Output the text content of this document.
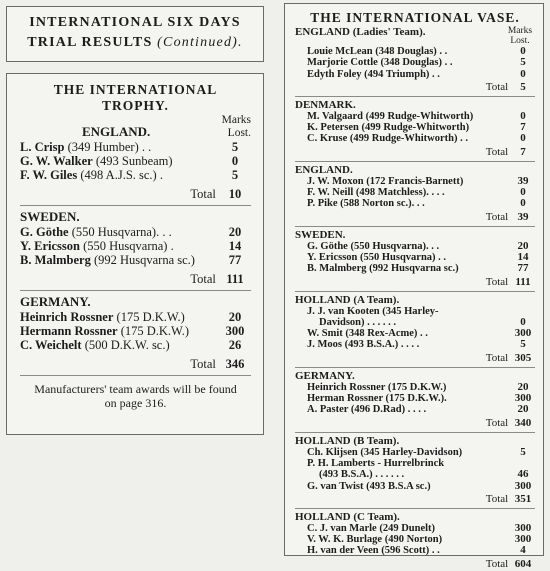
INTERNATIONAL SIX DAYS
TRIAL RESULTS (Continued).
THE INTERNATIONAL TROPHY.
ENGLAND.
Marks
Lost.
L. Crisp (349 Humber) . .	5
G. W. Walker (493 Sunbeam)	0
F. W. Giles (498 A.J.S. sc.) .	5
Total 10
SWEDEN.
G. Göthe (550 Husqvarna). . .	20
Y. Ericsson (550 Husqvarna) .	14
B. Malmberg (992 Husqvarna sc.)	77
Total 111
GERMANY.
Heinrich Rossner (175 D.K.W.)	20
Hermann Rossner (175 D.K.W.)	300
C. Weichelt (500 D.K.W. sc.)	26
Total 346
Manufacturers' team awards will be found
on page 316.
THE INTERNATIONAL VASE.
ENGLAND (Ladies' Team).	Marks
Lost.
Louie McLean (348 Douglas) . .	0
Marjorie Cottle (348 Douglas) . .	5
Edyth Foley (494 Triumph) . .	0
Total 5
DENMARK.
M. Valgaard (499 Rudge-Whitworth)	0
K. Petersen (499 Rudge-Whitworth)	7
C. Kruse (499 Rudge-Whitworth) . .	0
Total 7
ENGLAND.
J. W. Moxon (172 Francis-Barnett)	39
F. W. Neill (498 Matchless). . . .	0
P. Pike (588 Norton sc.). . .	0
Total 39
SWEDEN.
G. Göthe (550 Husqvarna). . .	20
Y. Ericsson (550 Husqvarna) . .	14
B. Malmberg (992 Husqvarna sc.)	77
Total 111
HOLLAND (A Team).
J. J. van Kooten (345 Harley-
Davidson) . . . . . .	0
W. Smit (348 Rex-Acme) . .	300
J. Moos (493 B.S.A.) . . . .	5
Total 305
GERMANY.
Heinrich Rossner (175 D.K.W.)	20
Herman Rossner (175 D.K.W.).	300
A. Paster (496 D.Rad) . . . .	20
Total 340
HOLLAND (B Team).
Ch. Klijsen (345 Harley-Davidson)	5
P. H. Lamberts - Hurrelbrinck
(493 B.S.A.) . . . . . .	46
G. van Twist (493 B.S.A sc.)	300
Total 351
HOLLAND (C Team).
C. J. van Marle (249 Dunelt)	300
V. W. K. Burlage (490 Norton)	300
H. van der Veen (596 Scott) . .	4
Total 604
